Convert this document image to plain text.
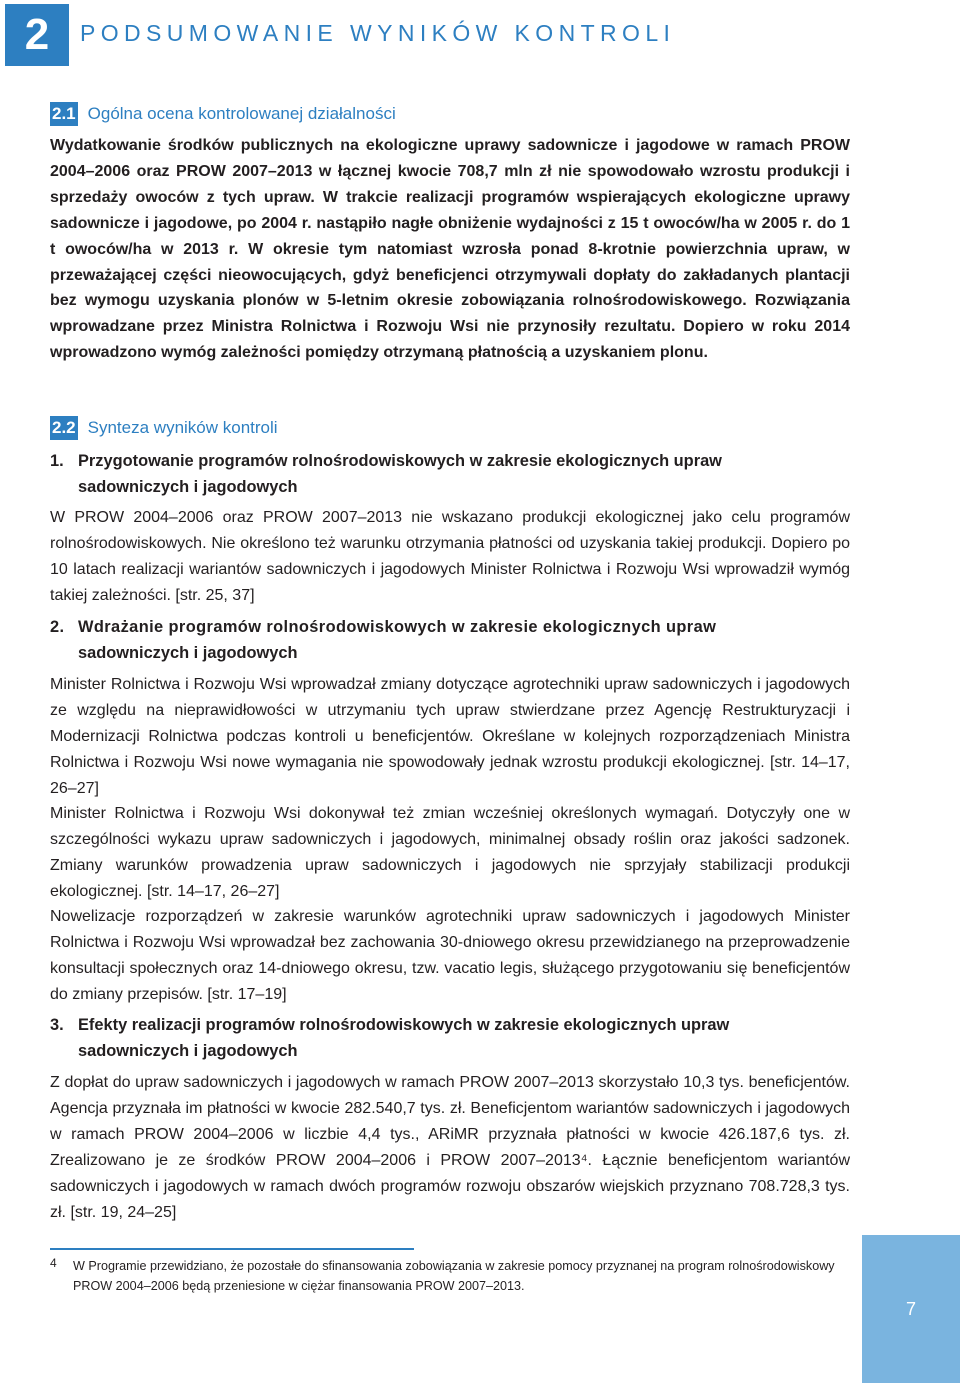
2 PODSUMOWANIE WYNIKÓW KONTROLI
2.1 Ogólna ocena kontrolowanej działalności
Wydatkowanie środków publicznych na ekologiczne uprawy sadownicze i jagodowe w ramach PROW 2004–2006 oraz PROW 2007–2013 w łącznej kwocie 708,7 mln zł nie spowodowało wzrostu produkcji i sprzedaży owoców z tych upraw. W trakcie realizacji programów wspierających ekologiczne uprawy sadownicze i jagodowe, po 2004 r. nastąpiło nagłe obniżenie wydajności z 15 t owoców/ha w 2005 r. do 1 t owoców/ha w 2013 r. W okresie tym natomiast wzrosła ponad 8-krotnie powierzchnia upraw, w przeważającej części nieowocujących, gdyż beneficjenci otrzymywali dopłaty do zakładanych plantacji bez wymogu uzyskania plonów w 5-letnim okresie zobowiązania rolnośrodowiskowego. Rozwiązania wprowadzane przez Ministra Rolnictwa i Rozwoju Wsi nie przynosiły rezultatu. Dopiero w roku 2014 wprowadzono wymóg zależności pomiędzy otrzymaną płatnością a uzyskaniem plonu.
2.2 Synteza wyników kontroli
1. Przygotowanie programów rolnośrodowiskowych w zakresie ekologicznych upraw
sadowniczych i jagodowych

W PROW 2004–2006 oraz PROW 2007–2013 nie wskazano produkcji ekologicznej jako celu programów rolnośrodowiskowych. Nie określono też warunku otrzymania płatności od uzyskania takiej produkcji. Dopiero po 10 latach realizacji wariantów sadowniczych i jagodowych Minister Rolnictwa i Rozwoju Wsi wprowadził wymóg takiej zależności. [str. 25, 37]

2. Wdrażanie programów rolnośrodowiskowych w zakresie ekologicznych upraw
sadowniczych i jagodowych

Minister Rolnictwa i Rozwoju Wsi wprowadzał zmiany dotyczące agrotechniki upraw sadowniczych i jagodowych ze względu na nieprawidłowości w utrzymaniu tych upraw stwierdzane przez Agencję Restrukturyzacji i Modernizacji Rolnictwa podczas kontroli u beneficjentów. Określane w kolejnych rozporządzeniach Ministra Rolnictwa i Rozwoju Wsi nowe wymagania nie spowodowały jednak wzrostu produkcji ekologicznej. [str. 14–17, 26–27]

Minister Rolnictwa i Rozwoju Wsi dokonywał też zmian wcześniej określonych wymagań. Dotyczyły one w szczególności wykazu upraw sadowniczych i jagodowych, minimalnej obsady roślin oraz jakości sadzonek. Zmiany warunków prowadzenia upraw sadowniczych i jagodowych nie sprzyjały stabilizacji produkcji ekologicznej. [str. 14–17, 26–27]

Nowelizacje rozporządzeń w zakresie warunków agrotechniki upraw sadowniczych i jagodowych Minister Rolnictwa i Rozwoju Wsi wprowadzał bez zachowania 30-dniowego okresu przewidzianego na przeprowadzenie konsultacji społecznych oraz 14-dniowego okresu, tzw. vacatio legis, służącego przygotowaniu się beneficjentów do zmiany przepisów. [str. 17–19]

3. Efekty realizacji programów rolnośrodowiskowych w zakresie ekologicznych upraw
sadowniczych i jagodowych

Z dopłat do upraw sadowniczych i jagodowych w ramach PROW 2007–2013 skorzystało 10,3 tys. beneficjentów. Agencja przyznała im płatności w kwocie 282.540,7 tys. zł. Beneficjentom wariantów sadowniczych i jagodowych w ramach PROW 2004–2006 w liczbie 4,4 tys., ARiMR przyznała płatności w kwocie 426.187,6 tys. zł. Zrealizowano je ze środków PROW 2004–2006 i PROW 2007–2013⁴. Łącznie beneficjentom wariantów sadowniczych i jagodowych w ramach dwóch programów rozwoju obszarów wiejskich przyznano 708.728,3 tys. zł. [str. 19, 24–25]

4 W Programie przewidziano, że pozostałe do sfinansowania zobowiązania w zakresie pomocy przyznanej na program rolnośrodowiskowy PROW 2004–2006 będą przeniesione w ciężar finansowania PROW 2007–2013.
7
